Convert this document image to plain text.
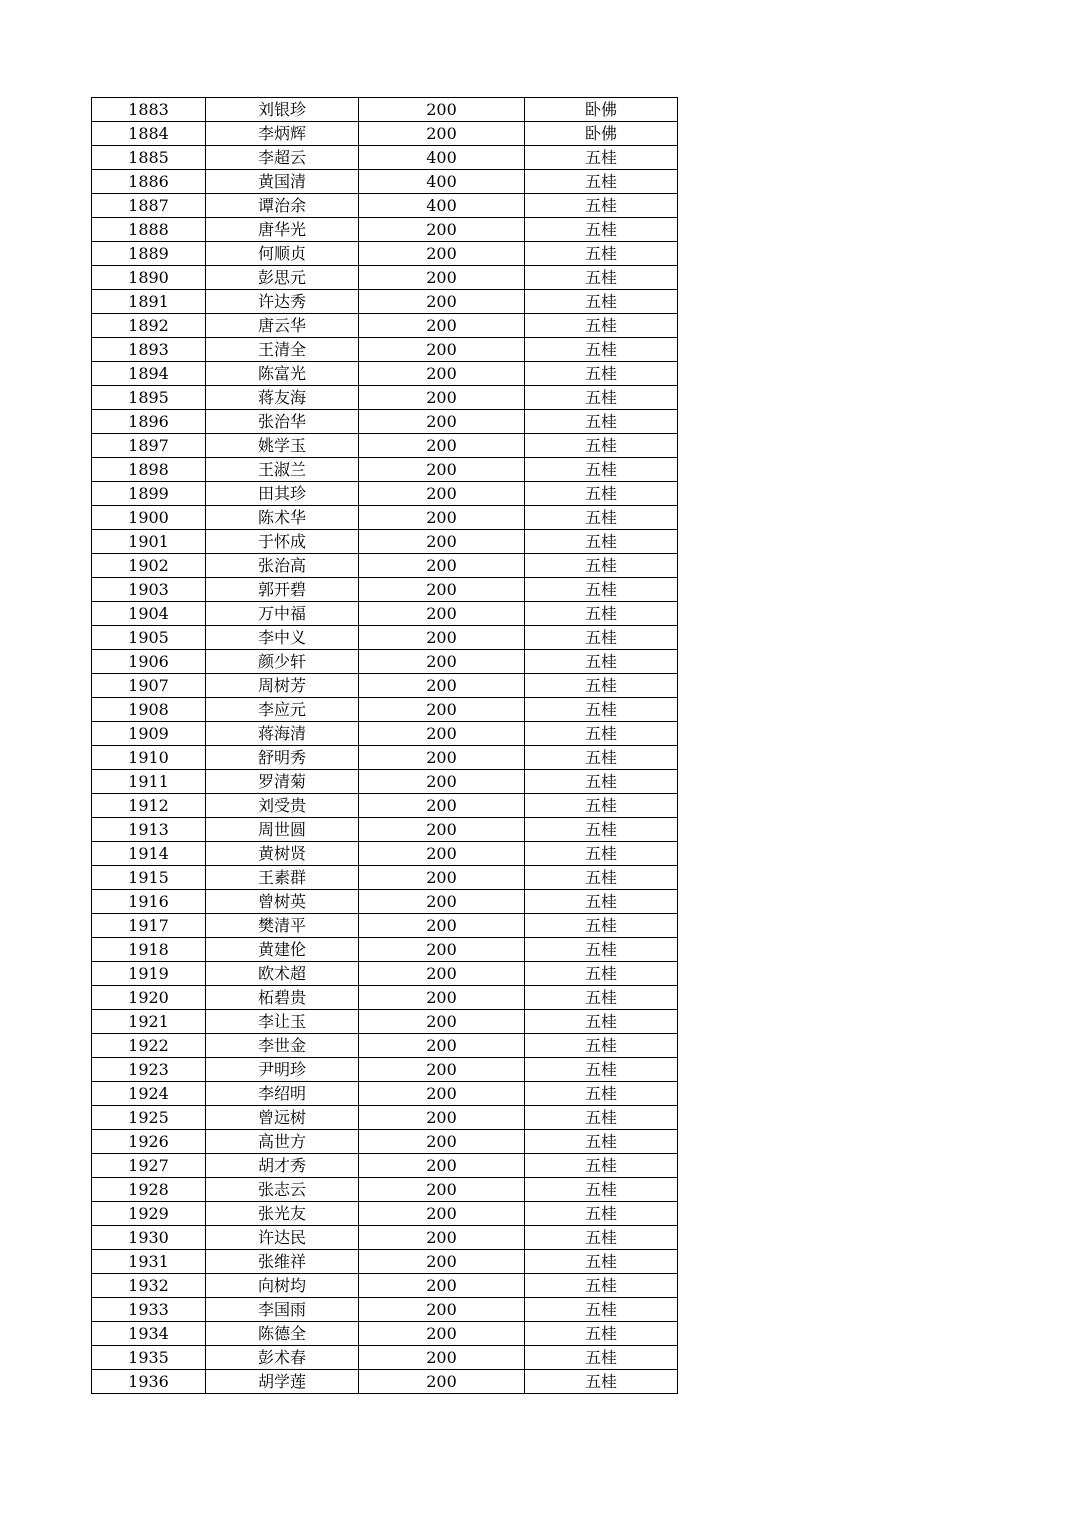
1883	刘银珍	200	卧佛
1884	李炳辉	200	卧佛
1885	李超云	400	五桂
1886	黄国清	400	五桂
1887	谭治余	400	五桂
1888	唐华光	200	五桂
1889	何顺贞	200	五桂
1890	彭思元	200	五桂
1891	许达秀	200	五桂
1892	唐云华	200	五桂
1893	王清全	200	五桂
1894	陈富光	200	五桂
1895	蒋友海	200	五桂
1896	张治华	200	五桂
1897	姚学玉	200	五桂
1898	王淑兰	200	五桂
1899	田其珍	200	五桂
1900	陈术华	200	五桂
1901	于怀成	200	五桂
1902	张治高	200	五桂
1903	郭开碧	200	五桂
1904	万中福	200	五桂
1905	李中义	200	五桂
1906	颜少轩	200	五桂
1907	周树芳	200	五桂
1908	李应元	200	五桂
1909	蒋海清	200	五桂
1910	舒明秀	200	五桂
1911	罗清菊	200	五桂
1912	刘受贵	200	五桂
1913	周世圆	200	五桂
1914	黄树贤	200	五桂
1915	王素群	200	五桂
1916	曾树英	200	五桂
1917	樊清平	200	五桂
1918	黄建伦	200	五桂
1919	欧术超	200	五桂
1920	柘碧贵	200	五桂
1921	李让玉	200	五桂
1922	李世金	200	五桂
1923	尹明珍	200	五桂
1924	李绍明	200	五桂
1925	曾远树	200	五桂
1926	高世方	200	五桂
1927	胡才秀	200	五桂
1928	张志云	200	五桂
1929	张光友	200	五桂
1930	许达民	200	五桂
1931	张维祥	200	五桂
1932	向树均	200	五桂
1933	李国雨	200	五桂
1934	陈德全	200	五桂
1935	彭术春	200	五桂
1936	胡学莲	200	五桂
